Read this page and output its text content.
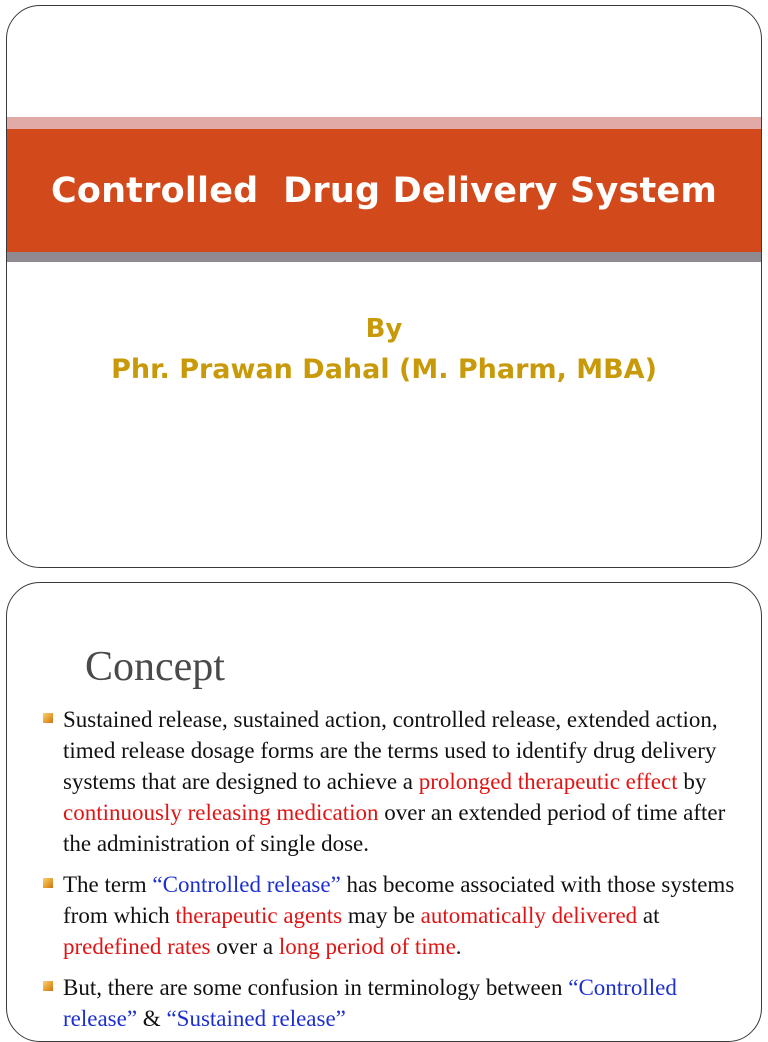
Controlled  Drug Delivery System
By
Phr. Prawan Dahal (M. Pharm, MBA)
Concept
Sustained release, sustained action, controlled release, extended action, timed release dosage forms are the terms used to identify drug delivery systems that are designed to achieve a prolonged therapeutic effect by continuously releasing medication over an extended period of time after the administration of single dose.
The term “Controlled release” has become associated with those systems from which therapeutic agents may be automatically delivered at predefined rates over a long period of time.
But, there are some confusion in terminology between “Controlled release” & “Sustained release”
